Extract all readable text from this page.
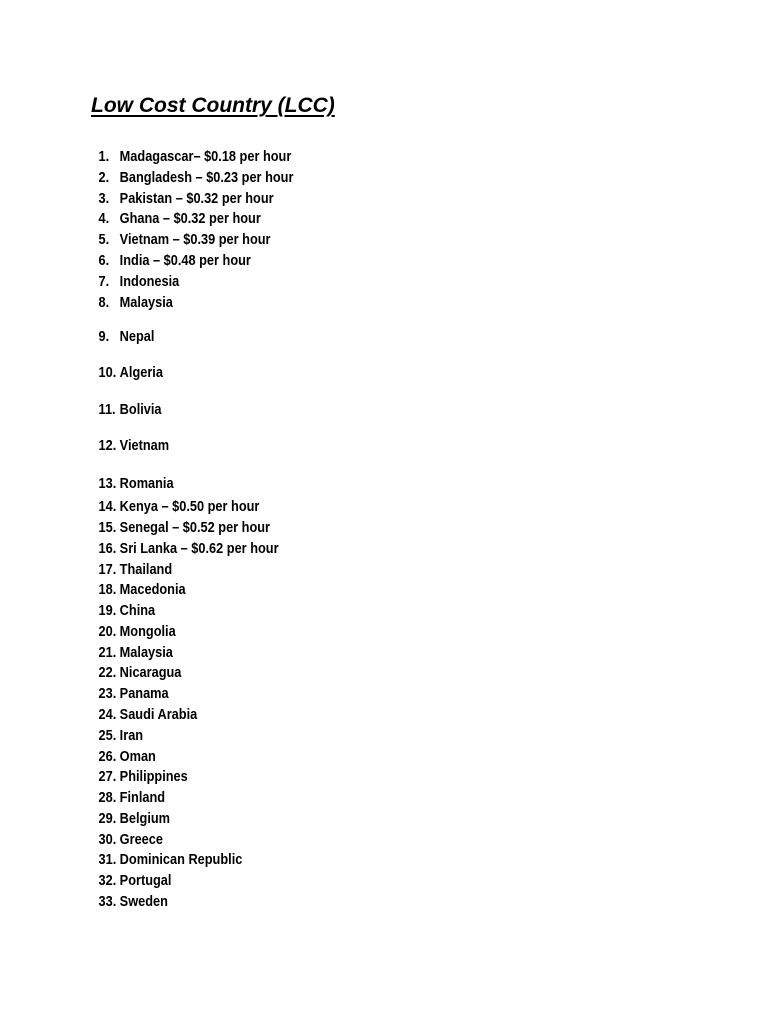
Low Cost Country (LCC)
1. Madagascar– $0.18 per hour
2. Bangladesh – $0.23 per hour
3. Pakistan – $0.32 per hour
4. Ghana – $0.32 per hour
5. Vietnam – $0.39 per hour
6. India – $0.48 per hour
7. Indonesia
8. Malaysia
9. Nepal
10. Algeria
11. Bolivia
12. Vietnam
13. Romania
14. Kenya – $0.50 per hour
15. Senegal – $0.52 per hour
16. Sri Lanka – $0.62 per hour
17. Thailand
18. Macedonia
19. China
20. Mongolia
21. Malaysia
22. Nicaragua
23. Panama
24. Saudi Arabia
25. Iran
26. Oman
27. Philippines
28. Finland
29. Belgium
30. Greece
31. Dominican Republic
32. Portugal
33. Sweden
